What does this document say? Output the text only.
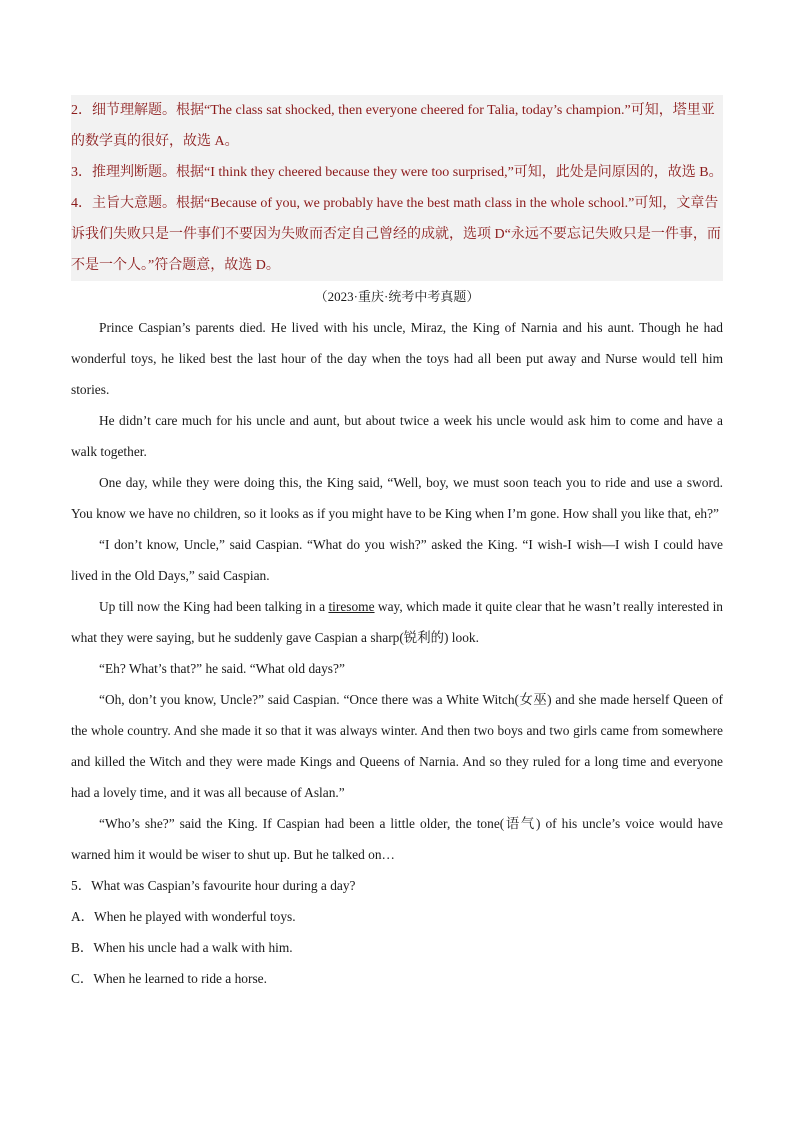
2．细节理解题。根据“The class sat shocked, then everyone cheered for Talia, today’s champion.”可知，塔里亚的数学真的很好，故选 A。

3．推理判断题。根据“I think they cheered because they were too surprised,”可知，此处是问原因的，故选 B。

4．主旨大意题。根据“Because of you, we probably have the best math class in the whole school.”可知，文章告诉我们失败只是一件事们不要因为失败而否定自己曾经的成就，选项 D“永远不要忘记失败只是一件事，而不是一个人。”符合题意，故选 D。

（2023·重庆·统考中考真题）

Prince Caspian’s parents died. He lived with his uncle, Miraz, the King of Narnia and his aunt. Though he had wonderful toys, he liked best the last hour of the day when the toys had all been put away and Nurse would tell him stories.

He didn’t care much for his uncle and aunt, but about twice a week his uncle would ask him to come and have a walk together.

One day, while they were doing this, the King said, “Well, boy, we must soon teach you to ride and use a sword. You know we have no children, so it looks as if you might have to be King when I’m gone. How shall you like that, eh?”

“I don’t know, Uncle,” said Caspian. “What do you wish?” asked the King. “I wish-I wish—I wish I could have lived in the Old Days,” said Caspian.

Up till now the King had been talking in a tiresome way, which made it quite clear that he wasn’t really interested in what they were saying, but he suddenly gave Caspian a sharp(锐利的) look.

“Eh? What’s that?” he said. “What old days?”

“Oh, don’t you know, Uncle?” said Caspian. “Once there was a White Witch(女巫) and she made herself Queen of the whole country. And she made it so that it was always winter. And then two boys and two girls came from somewhere and killed the Witch and they were made Kings and Queens of Narnia. And so they ruled for a long time and everyone had a lovely time, and it was all because of Aslan.”

“Who’s she?” said the King. If Caspian had been a little older, the tone(语气) of his uncle’s voice would have warned him it would be wiser to shut up. But he talked on…

5．What was Caspian’s favourite hour during a day?

A．When he played with wonderful toys.

B．When his uncle had a walk with him.

C．When he learned to ride a horse.
